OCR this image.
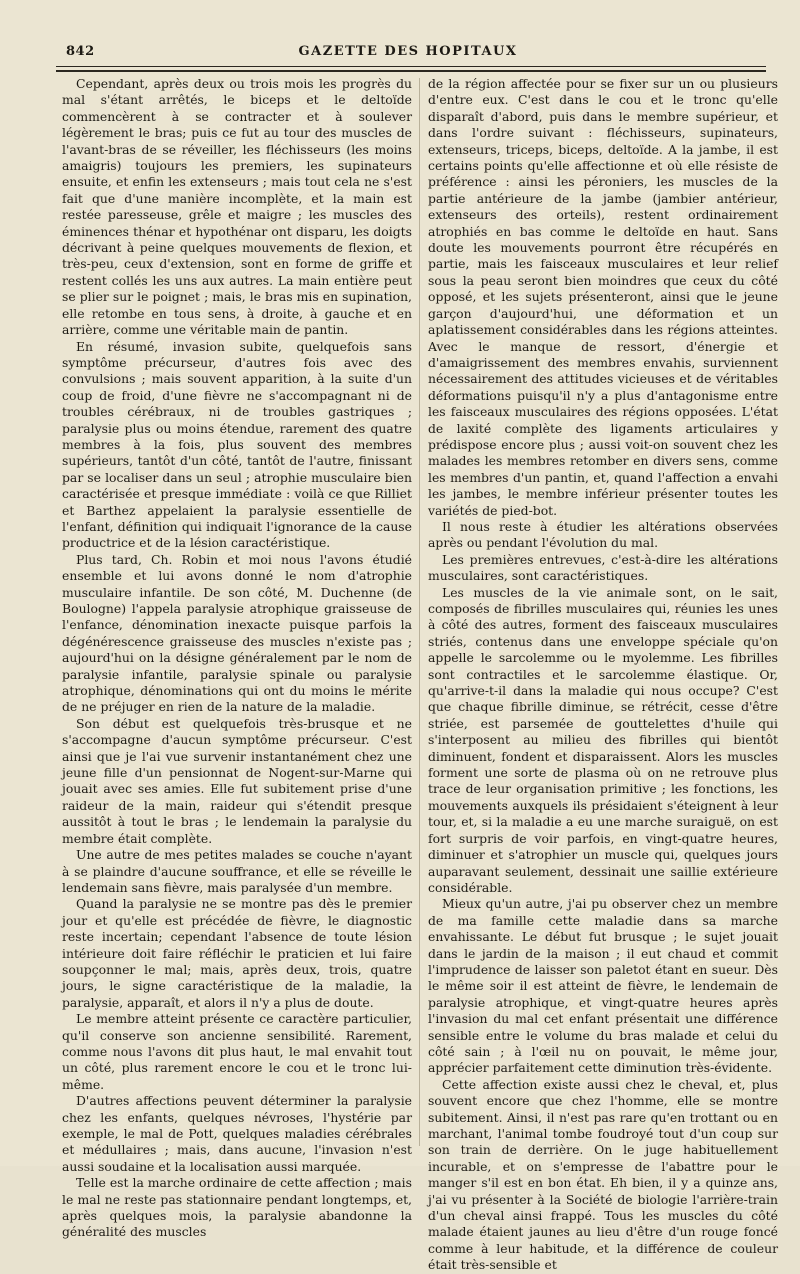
842	GAZETTE DES HOPITAUX

Cependant, après deux ou trois mois les progrès du mal s'étant arrêtés, le biceps et le deltoïde commencèrent à se contracter et à soulever légèrement le bras; puis ce fut au tour des muscles de l'avant-bras de se réveiller, les fléchisseurs (les moins amaigris) toujours les premiers, les supinateurs ensuite, et enfin les extenseurs ; mais tout cela ne s'est fait que d'une manière incomplète, et la main est restée paresseuse, grêle et maigre ; les muscles des éminences thénar et hypothénar ont disparu, les doigts décrivant à peine quelques mouvements de flexion, et très-peu, ceux d'extension, sont en forme de griffe et restent collés les uns aux autres. La main entière peut se plier sur le poignet ; mais, le bras mis en supination, elle retombe en tous sens, à droite, à gauche et en arrière, comme une véritable main de pantin.

En résumé, invasion subite, quelquefois sans symptôme précurseur, d'autres fois avec des convulsions ; mais souvent apparition, à la suite d'un coup de froid, d'une fièvre ne s'accompagnant ni de troubles cérébraux, ni de troubles gastriques ; paralysie plus ou moins étendue, rarement des quatre membres à la fois, plus souvent des membres supérieurs, tantôt d'un côté, tantôt de l'autre, finissant par se localiser dans un seul ; atrophie musculaire bien caractérisée et presque immédiate : voilà ce que Rilliet et Barthez appelaient la paralysie essentielle de l'enfant, définition qui indiquait l'ignorance de la cause productrice et de la lésion caractéristique.

Plus tard, Ch. Robin et moi nous l'avons étudié ensemble et lui avons donné le nom d'atrophie musculaire infantile. De son côté, M. Duchenne (de Boulogne) l'appela paralysie atrophique graisseuse de l'enfance, dénomination inexacte puisque parfois la dégénérescence graisseuse des muscles n'existe pas ; aujourd'hui on la désigne généralement par le nom de paralysie infantile, paralysie spinale ou paralysie atrophique, dénominations qui ont du moins le mérite de ne préjuger en rien de la nature de la maladie.

Son début est quelquefois très-brusque et ne s'accompagne d'aucun symptôme précurseur. C'est ainsi que je l'ai vue survenir instantanément chez une jeune fille d'un pensionnat de Nogent-sur-Marne qui jouait avec ses amies. Elle fut subitement prise d'une raideur de la main, raideur qui s'étendit presque aussitôt à tout le bras ; le lendemain la paralysie du membre était complète.

Une autre de mes petites malades se couche n'ayant à se plaindre d'aucune souffrance, et elle se réveille le lendemain sans fièvre, mais paralysée d'un membre.

Quand la paralysie ne se montre pas dès le premier jour et qu'elle est précédée de fièvre, le diagnostic reste incertain; cependant l'absence de toute lésion intérieure doit faire réfléchir le praticien et lui faire soupçonner le mal; mais, après deux, trois, quatre jours, le signe caractéristique de la maladie, la paralysie, apparaît, et alors il n'y a plus de doute.

Le membre atteint présente ce caractère particulier, qu'il conserve son ancienne sensibilité. Rarement, comme nous l'avons dit plus haut, le mal envahit tout un côté, plus rarement encore le cou et le tronc lui-même.

D'autres affections peuvent déterminer la paralysie chez les enfants, quelques névroses, l'hystérie par exemple, le mal de Pott, quelques maladies cérébrales et médullaires ; mais, dans aucune, l'invasion n'est aussi soudaine et la localisation aussi marquée.

Telle est la marche ordinaire de cette affection ; mais le mal ne reste pas stationnaire pendant longtemps, et, après quelques mois, la paralysie abandonne la généralité des muscles

de la région affectée pour se fixer sur un ou plusieurs d'entre eux. C'est dans le cou et le tronc qu'elle disparaît d'abord, puis dans le membre supérieur, et dans l'ordre suivant : fléchisseurs, supinateurs, extenseurs, triceps, biceps, deltoïde. A la jambe, il est certains points qu'elle affectionne et où elle résiste de préférence : ainsi les péroniers, les muscles de la partie antérieure de la jambe (jambier antérieur, extenseurs des orteils), restent ordinairement atrophiés en bas comme le deltoïde en haut. Sans doute les mouvements pourront être récupérés en partie, mais les faisceaux musculaires et leur relief sous la peau seront bien moindres que ceux du côté opposé, et les sujets présenteront, ainsi que le jeune garçon d'aujourd'hui, une déformation et un aplatissement considérables dans les régions atteintes. Avec le manque de ressort, d'énergie et d'amaigrissement des membres envahis, surviennent nécessairement des attitudes vicieuses et de véritables déformations puisqu'il n'y a plus d'antagonisme entre les faisceaux musculaires des régions opposées. L'état de laxité complète des ligaments articulaires y prédispose encore plus ; aussi voit-on souvent chez les malades les membres retomber en divers sens, comme les membres d'un pantin, et, quand l'affection a envahi les jambes, le membre inférieur présenter toutes les variétés de pied-bot.

Il nous reste à étudier les altérations observées après ou pendant l'évolution du mal.

Les premières entrevues, c'est-à-dire les altérations musculaires, sont caractéristiques.

Les muscles de la vie animale sont, on le sait, composés de fibrilles musculaires qui, réunies les unes à côté des autres, forment des faisceaux musculaires striés, contenus dans une enveloppe spéciale qu'on appelle le sarcolemme ou le myolemme. Les fibrilles sont contractiles et le sarcolemme élastique. Or, qu'arrive-t-il dans la maladie qui nous occupe? C'est que chaque fibrille diminue, se rétrécit, cesse d'être striée, est parsemée de gouttelettes d'huile qui s'interposent au milieu des fibrilles qui bientôt diminuent, fondent et disparaissent. Alors les muscles forment une sorte de plasma où on ne retrouve plus trace de leur organisation primitive ; les fonctions, les mouvements auxquels ils présidaient s'éteignent à leur tour, et, si la maladie a eu une marche suraiguë, on est fort surpris de voir parfois, en vingt-quatre heures, diminuer et s'atrophier un muscle qui, quelques jours auparavant seulement, dessinait une saillie extérieure considérable.

Mieux qu'un autre, j'ai pu observer chez un membre de ma famille cette maladie dans sa marche envahissante. Le début fut brusque ; le sujet jouait dans le jardin de la maison ; il eut chaud et commit l'imprudence de laisser son paletot étant en sueur. Dès le même soir il est atteint de fièvre, le lendemain de paralysie atrophique, et vingt-quatre heures après l'invasion du mal cet enfant présentait une différence sensible entre le volume du bras malade et celui du côté sain ; à l'œil nu on pouvait, le même jour, apprécier parfaitement cette diminution très-évidente.

Cette affection existe aussi chez le cheval, et, plus souvent encore que chez l'homme, elle se montre subitement. Ainsi, il n'est pas rare qu'en trottant ou en marchant, l'animal tombe foudroyé tout d'un coup sur son train de derrière. On le juge habituellement incurable, et on s'empresse de l'abattre pour le manger s'il est en bon état. Eh bien, il y a quinze ans, j'ai vu présenter à la Société de biologie l'arrière-train d'un cheval ainsi frappé. Tous les muscles du côté malade étaient jaunes au lieu d'être d'un rouge foncé comme à leur habitude, et la différence de couleur était très-sensible et
